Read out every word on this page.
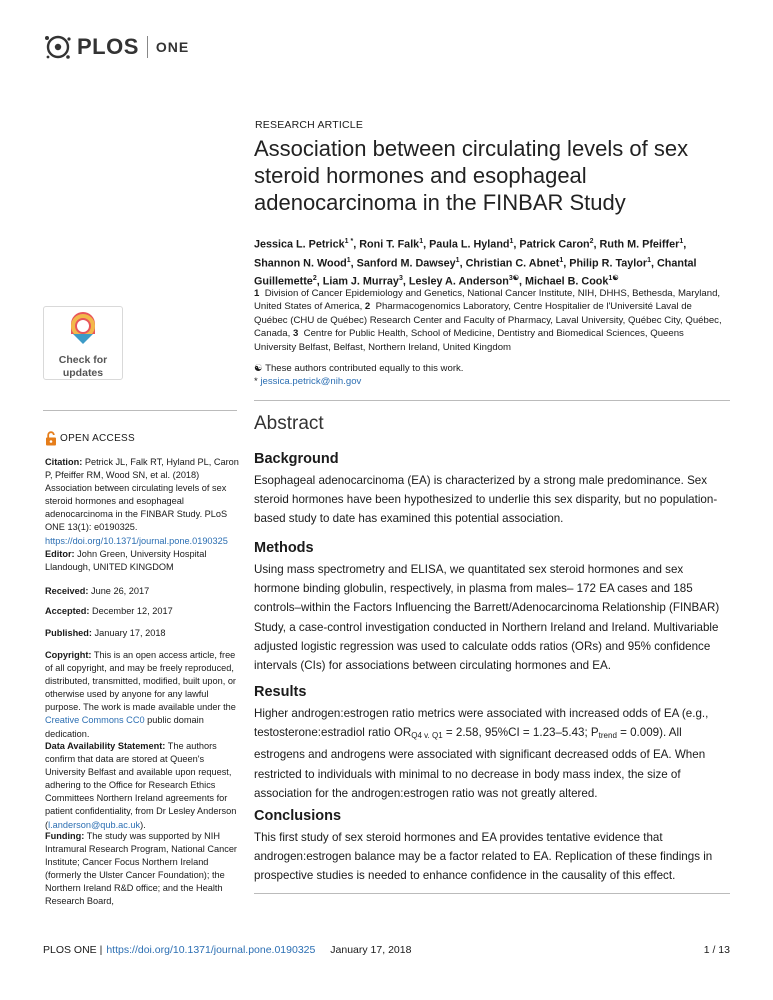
PLOS ONE
Check for
updates
RESEARCH ARTICLE
Association between circulating levels of sex steroid hormones and esophageal adenocarcinoma in the FINBAR Study
Jessica L. Petrick$^{1 *}$, Roni T. Falk$^1$, Paula L. Hyland$^1$, Patrick Caron$^2$, Ruth M. Pfeiffer$^1$, Shannon N. Wood$^1$, Sanford M. Dawsey$^1$, Christian C. Abnet$^1$, Philip R. Taylor$^1$, Chantal Guillemette$^2$, Liam J. Murray$^3$, Lesley A. Anderson$^{3☯}$, Michael B. Cook$^{1☯}$
1 Division of Cancer Epidemiology and Genetics, National Cancer Institute, NIH, DHHS, Bethesda, Maryland, United States of America, 2 Pharmacogenomics Laboratory, Centre Hospitalier de l'Université Laval de Québec (CHU de Québec) Research Center and Faculty of Pharmacy, Laval University, Québec City, Québec, Canada, 3 Centre for Public Health, School of Medicine, Dentistry and Biomedical Sciences, Queens University Belfast, Belfast, Northern Ireland, United Kingdom
☯ These authors contributed equally to this work.
* jessica.petrick@nih.gov
OPEN ACCESS
Citation: Petrick JL, Falk RT, Hyland PL, Caron P, Pfeiffer RM, Wood SN, et al. (2018) Association between circulating levels of sex steroid hormones and esophageal adenocarcinoma in the FINBAR Study. PLoS ONE 13(1): e0190325. https://doi.org/10.1371/journal.pone.0190325
Editor: John Green, University Hospital Llandough, UNITED KINGDOM
Received: June 26, 2017
Accepted: December 12, 2017
Published: January 17, 2018
Copyright: This is an open access article, free of all copyright, and may be freely reproduced, distributed, transmitted, modified, built upon, or otherwise used by anyone for any lawful purpose. The work is made available under the Creative Commons CC0 public domain dedication.
Data Availability Statement: The authors confirm that data are stored at Queen's University Belfast and available upon request, adhering to the Office for Research Ethics Committees Northern Ireland agreements for patient confidentiality, from Dr Lesley Anderson (l.anderson@qub.ac.uk).
Funding: The study was supported by NIH Intramural Research Program, National Cancer Institute; Cancer Focus Northern Ireland (formerly the Ulster Cancer Foundation); the Northern Ireland R&D office; and the Health Research Board,
Abstract
Background
Esophageal adenocarcinoma (EA) is characterized by a strong male predominance. Sex steroid hormones have been hypothesized to underlie this sex disparity, but no population-based study to date has examined this potential association.
Methods
Using mass spectrometry and ELISA, we quantitated sex steroid hormones and sex hormone binding globulin, respectively, in plasma from males– 172 EA cases and 185 controls–within the Factors Influencing the Barrett/Adenocarcinoma Relationship (FINBAR) Study, a case-control investigation conducted in Northern Ireland and Ireland. Multivariable adjusted logistic regression was used to calculate odds ratios (ORs) and 95% confidence intervals (CIs) for associations between circulating hormones and EA.
Results
Higher androgen:estrogen ratio metrics were associated with increased odds of EA (e.g., testosterone:estradiol ratio $OR_{Q4 v. Q1} = 2.58$, 95%CI = 1.23–5.43; $P_{trend} = 0.009$). All estrogens and androgens were associated with significant decreased odds of EA. When restricted to individuals with minimal to no decrease in body mass index, the size of association for the androgen:estrogen ratio was not greatly altered.
Conclusions
This first study of sex steroid hormones and EA provides tentative evidence that androgen:estrogen balance may be a factor related to EA. Replication of these findings in prospective studies is needed to enhance confidence in the causality of this effect.
PLOS ONE | https://doi.org/10.1371/journal.pone.0190325 January 17, 2018	1 / 13
